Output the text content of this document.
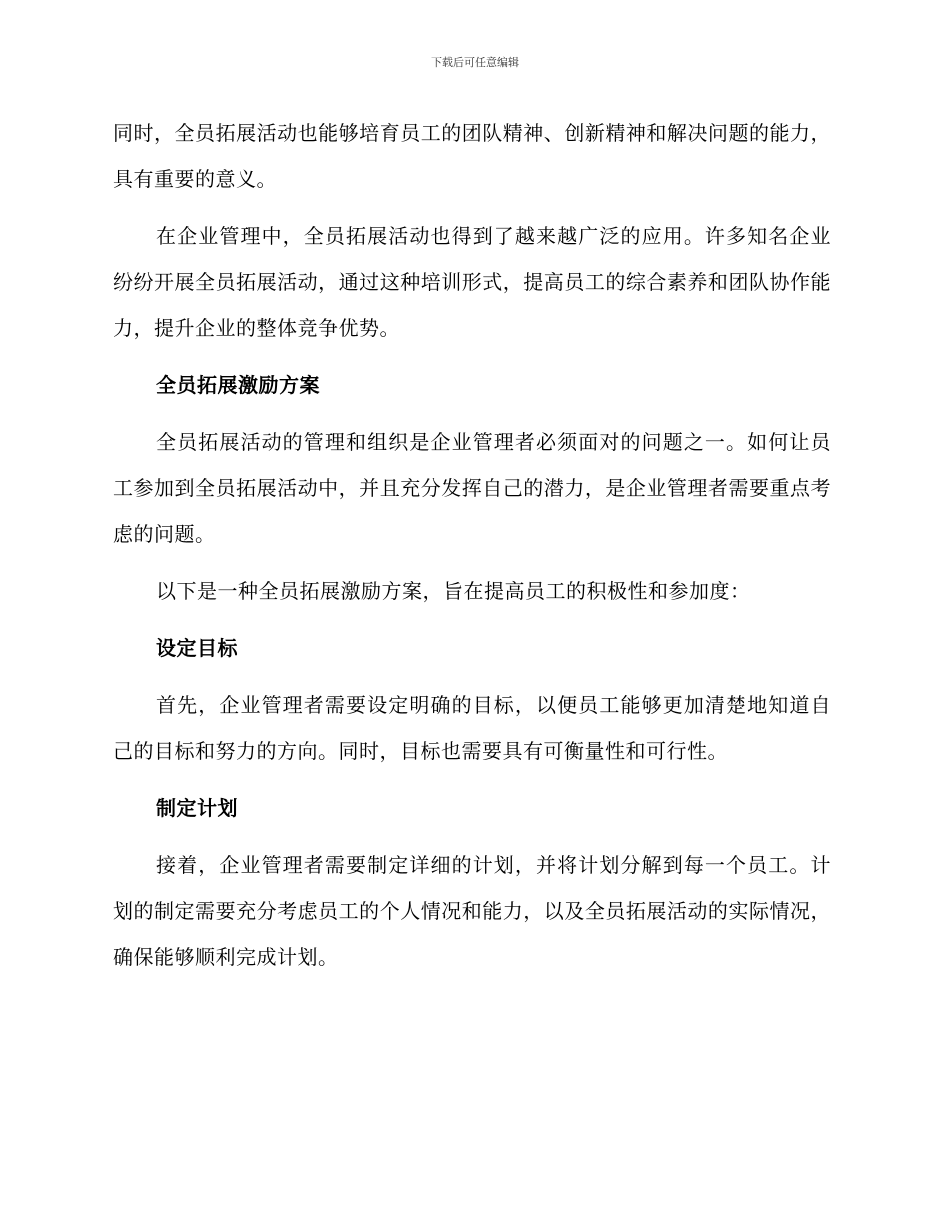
下载后可任意编辑

同时，全员拓展活动也能够培育员工的团队精神、创新精神和解决问题的能力，具有重要的意义。

在企业管理中，全员拓展活动也得到了越来越广泛的应用。许多知名企业纷纷开展全员拓展活动，通过这种培训形式，提高员工的综合素养和团队协作能力，提升企业的整体竞争优势。

全员拓展激励方案

全员拓展活动的管理和组织是企业管理者必须面对的问题之一。如何让员工参加到全员拓展活动中，并且充分发挥自己的潜力，是企业管理者需要重点考虑的问题。

以下是一种全员拓展激励方案，旨在提高员工的积极性和参加度：

设定目标

首先，企业管理者需要设定明确的目标，以便员工能够更加清楚地知道自己的目标和努力的方向。同时，目标也需要具有可衡量性和可行性。

制定计划

接着，企业管理者需要制定详细的计划，并将计划分解到每一个员工。计划的制定需要充分考虑员工的个人情况和能力，以及全员拓展活动的实际情况，确保能够顺利完成计划。
